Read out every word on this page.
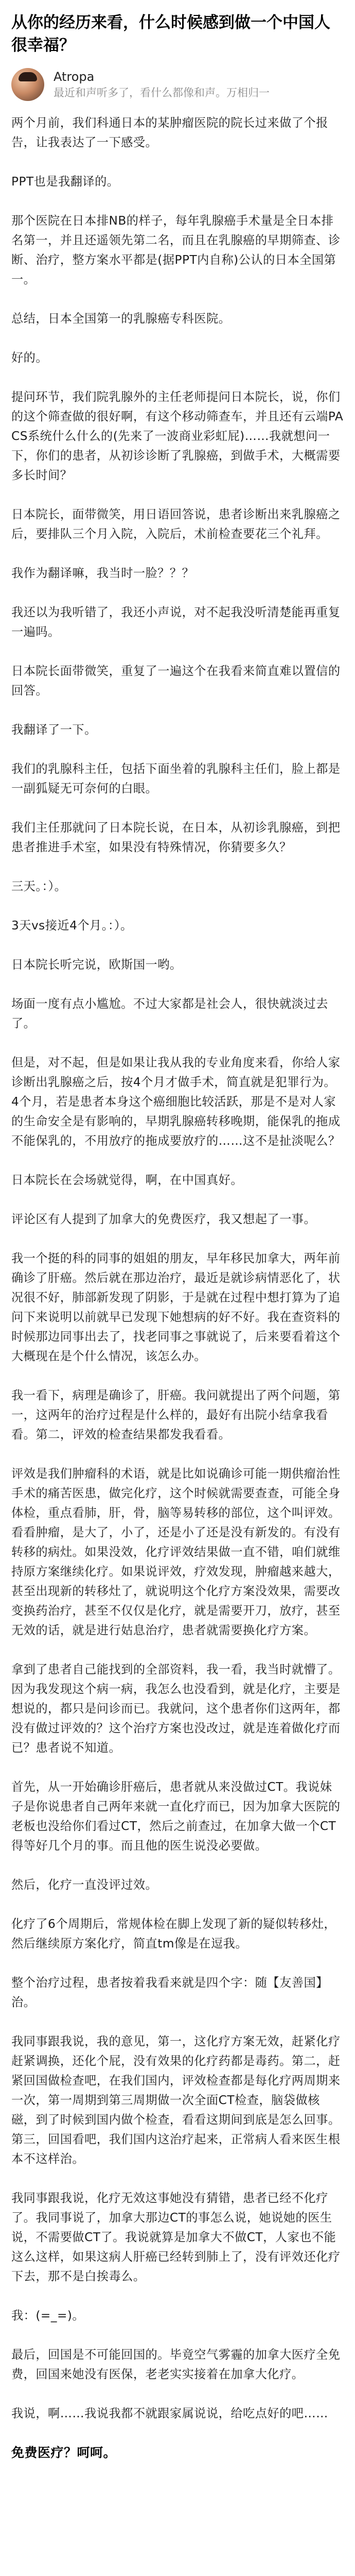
从你的经历来看，什么时候感到做一个中国人很幸福？
Atropa
最近和声听多了，看什么都像和声。万相归一

两个月前，我们科通日本的某肿瘤医院的院长过来做了个报告，让我表达了一下感受。

PPT也是我翻译的。

那个医院在日本排NB的样子，每年乳腺癌手术量是全日本排名第一，并且还遥领先第二名，而且在乳腺癌的早期筛查、诊断、治疗，整方案水平都是(据PPT内自称)公认的日本全国第一。

总结，日本全国第一的乳腺癌专科医院。

好的。

提问环节，我们院乳腺外的主任老师提问日本院长，说，你们的这个筛查做的很好啊，有这个移动筛查车，并且还有云端PACS系统什么什么的(先来了一波商业彩虹屁)……我就想问一下，你们的患者，从初诊诊断了乳腺癌，到做手术，大概需要多长时间？

日本院长，面带微笑，用日语回答说，患者诊断出来乳腺癌之后，要排队三个月入院，入院后，术前检查要花三个礼拜。

我作为翻译嘛，我当时一脸？？？

我还以为我听错了，我还小声说，对不起我没听清楚能再重复一遍吗。

日本院长面带微笑，重复了一遍这个在我看来简直难以置信的回答。

我翻译了一下。

我们的乳腺科主任，包括下面坐着的乳腺科主任们，脸上都是一副狐疑无可奈何的白眼。

我们主任那就问了日本院长说，在日本，从初诊乳腺癌，到把患者推进手术室，如果没有特殊情况，你猜要多久？

三天。：）。

3天vs接近4个月。：）。

日本院长听完说，欧斯国一哟。

场面一度有点小尴尬。不过大家都是社会人，很快就淡过去了。

但是，对不起，但是如果让我从我的专业角度来看，你给人家诊断出乳腺癌之后，按4个月才做手术，简直就是犯罪行为。4个月，若是患者本身这个癌细胞比较活跃，那是不是对人家的生命安全是有影响的，早期乳腺癌转移晚期，能保乳的拖成不能保乳的，不用放疗的拖成要放疗的……这不是扯淡呢么？

日本院长在会场就觉得，啊，在中国真好。

评论区有人提到了加拿大的免费医疗，我又想起了一事。

我一个挺的科的同事的姐姐的朋友，早年移民加拿大，两年前确诊了肝癌。然后就在那边治疗，最近是就诊病情恶化了，状况很不好，肺部新发现了阴影，于是就在过程中想打算为了追问下来说明以前就早已发现下她想病的好不好。我在查资料的时候那边同事出去了，找老同事之事就说了，后来要看着这个大概现在是个什么情况，该怎么办。

我一看下，病理是确诊了，肝癌。我问就提出了两个问题，第一，这两年的治疗过程是什么样的，最好有出院小结拿我看看。第二，评效的检查结果都发我看看。

评效是我们肿瘤科的术语，就是比如说确诊可能一期供瘤治性手术的痛苦医患，做完化疗，这个时候就需要查查，可能全身体检，重点看肺，肝，骨，脑等易转移的部位，这个叫评效。看看肿瘤，是大了，小了，还是小了还是没有新发的。有没有转移的病灶。如果没效，化疗评效结果做一直不错，咱们就维持原方案继续化疗。如果说评效，疗效发现，肿瘤越来越大，甚至出现新的转移灶了，就说明这个化疗方案没效果，需要改变换药治疗，甚至不仅仅是化疗，就是需要开刀，放疗，甚至无效的话，就是进行姑息治疗，患者就需要换化疗方案。

拿到了患者自己能找到的全部资料，我一看，我当时就懵了。因为我发现这个病一病，我怎么也没看到，就是化疗，主要是想说的，都只是问诊而已。我就问，这个患者你们这两年，都没有做过评效的？这个治疗方案也没改过，就是连着做化疗而已？患者说不知道。

首先，从一开始确诊肝癌后，患者就从来没做过CT。我说妹子是你说患者自己两年来就一直化疗而已，因为加拿大医院的老板也没给你们看过CT，然后之前查过，在加拿大做一个CT得等好几个月的事。而且他的医生说没必要做。

然后，化疗一直没评过效。

化疗了6个周期后，常规体检在脚上发现了新的疑似转移灶，然后继续原方案化疗，简直tm像是在逗我。

整个治疗过程，患者按着我看来就是四个字：随【友善国】治。

我同事跟我说，我的意见，第一，这化疗方案无效，赶紧化疗赶紧调换，还化个屁，没有效果的化疗药都是毒药。第二，赶紧回国做检查吧，在我们国内，评效检查都是每化疗两周期来一次，第一周期到第三周期做一次全面CT检查，脑袋做核磁，到了时候到国内做个检查，看看这期间到底是怎么回事。第三，回国看吧，我们国内这治疗起来，正常病人看来医生根本不这样治。

我同事跟我说，化疗无效这事她没有猜错，患者已经不化疗了。我同事说了，加拿大那边CT的事怎么说，她说她的医生说，不需要做CT了。我说就算是加拿大不做CT，人家也不能这么这样，如果这病人肝癌已经转到肺上了，没有评效还化疗下去，那不是白挨毒么。

我：(=_=)。

最后，回国是不可能回国的。毕竟空气雾霾的加拿大医疗全免费，回国来她没有医保，老老实实接着在加拿大化疗。

我说，啊……我说我都不就跟家属说说，给吃点好的吧……

免费医疗？呵呵。
